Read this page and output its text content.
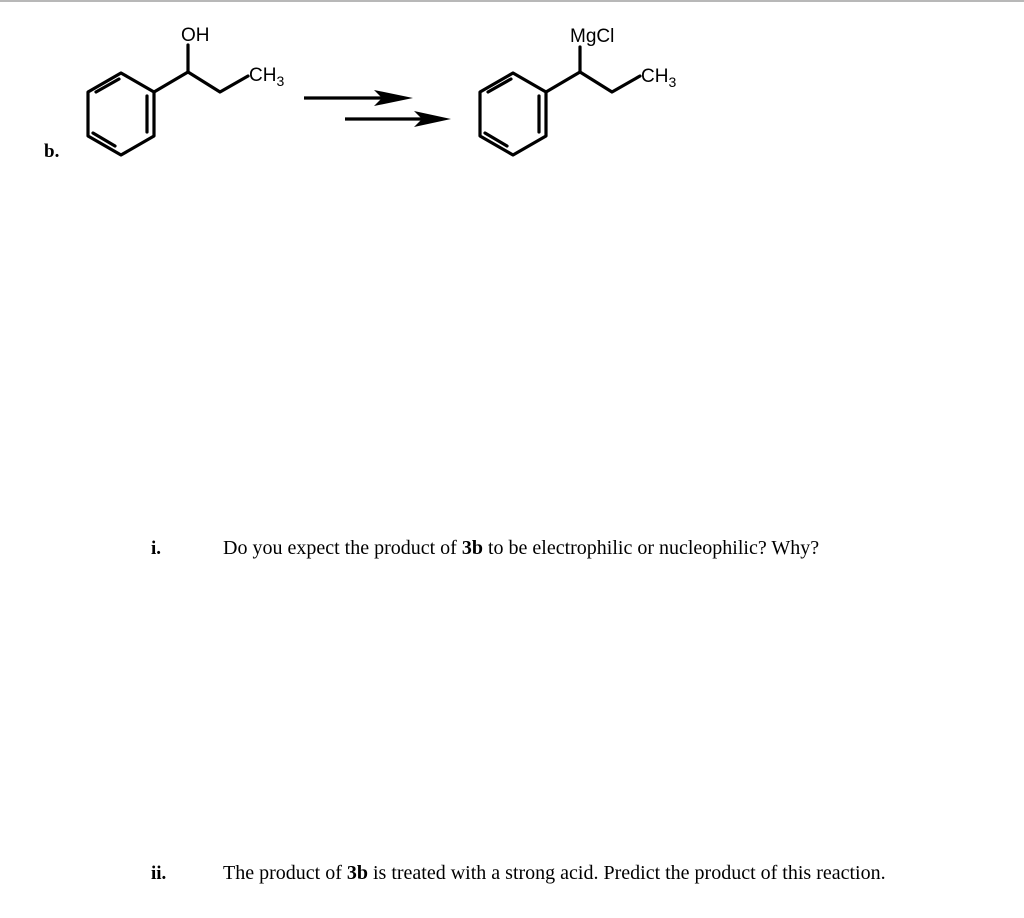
b.
OH
$CH_3$
MgCl
$CH_3$
i.	Do you expect the product of 3b to be electrophilic or nucleophilic? Why?
ii.	The product of 3b is treated with a strong acid. Predict the product of this reaction.
